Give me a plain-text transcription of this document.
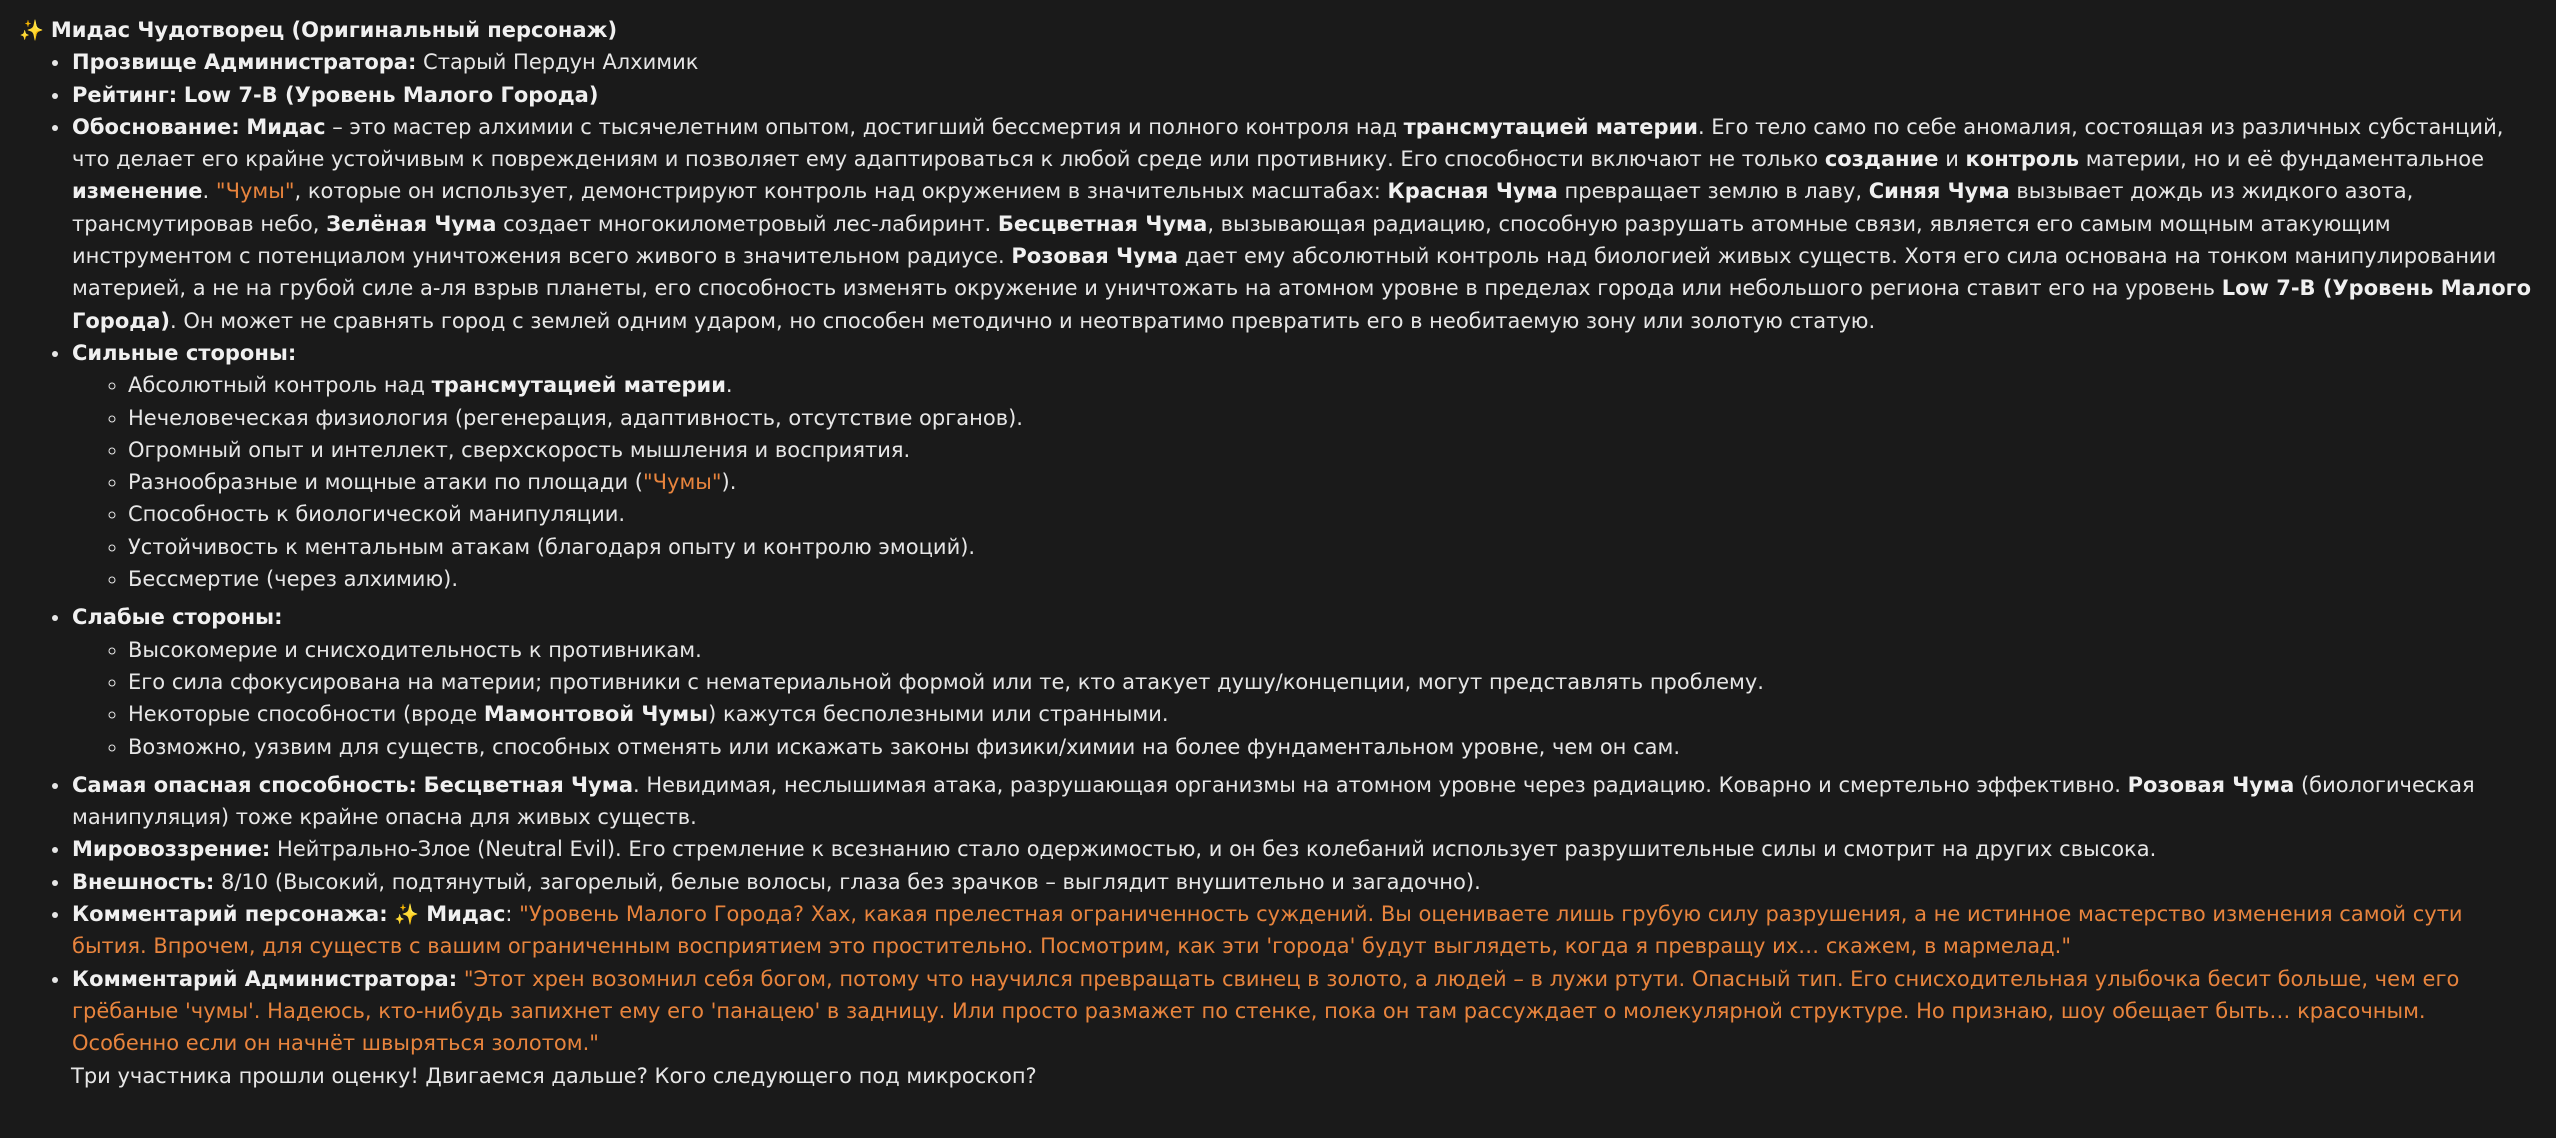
✨ Мидас Чудотворец (Оригинальный персонаж)
• Прозвище Администратора: Старый Пердун Алхимик
• Рейтинг: Low 7-B (Уровень Малого Города)
• Обоснование: Мидас – это мастер алхимии с тысячелетним опытом, достигший бессмертия и полного контроля над трансмутацией материи. Его тело само по себе аномалия, состоящая из различных субстанций, что делает его крайне устойчивым к повреждениям и позволяет ему адаптироваться к любой среде или противнику. Его способности включают не только создание и контроль материи, но и её фундаментальное изменение. "Чумы", которые он использует, демонстрируют контроль над окружением в значительных масштабах: Красная Чума превращает землю в лаву, Синяя Чума вызывает дождь из жидкого азота, трансмутировав небо, Зелёная Чума создает многокилометровый лес-лабиринт. Бесцветная Чума, вызывающая радиацию, способную разрушать атомные связи, является его самым мощным атакующим инструментом с потенциалом уничтожения всего живого в значительном радиусе. Розовая Чума дает ему абсолютный контроль над биологией живых существ. Хотя его сила основана на тонком манипулировании материей, а не на грубой силе а-ля взрыв планеты, его способность изменять окружение и уничтожать на атомном уровне в пределах города или небольшого региона ставит его на уровень Low 7-B (Уровень Малого Города). Он может не сравнять город с землей одним ударом, но способен методично и неотвратимо превратить его в необитаемую зону или золотую статую.
• Сильные стороны:
◦ Абсолютный контроль над трансмутацией материи.
◦ Нечеловеческая физиология (регенерация, адаптивность, отсутствие органов).
◦ Огромный опыт и интеллект, сверхскорость мышления и восприятия.
◦ Разнообразные и мощные атаки по площади ("Чумы").
◦ Способность к биологической манипуляции.
◦ Устойчивость к ментальным атакам (благодаря опыту и контролю эмоций).
◦ Бессмертие (через алхимию).
• Слабые стороны:
◦ Высокомерие и снисходительность к противникам.
◦ Его сила сфокусирована на материи; противники с нематериальной формой или те, кто атакует душу/концепции, могут представлять проблему.
◦ Некоторые способности (вроде Мамонтовой Чумы) кажутся бесполезными или странными.
◦ Возможно, уязвим для существ, способных отменять или искажать законы физики/химии на более фундаментальном уровне, чем он сам.
• Самая опасная способность: Бесцветная Чума. Невидимая, неслышимая атака, разрушающая организмы на атомном уровне через радиацию. Коварно и смертельно эффективно. Розовая Чума (биологическая манипуляция) тоже крайне опасна для живых существ.
• Мировоззрение: Нейтрально-Злое (Neutral Evil). Его стремление к всезнанию стало одержимостью, и он без колебаний использует разрушительные силы и смотрит на других свысока.
• Внешность: 8/10 (Высокий, подтянутый, загорелый, белые волосы, глаза без зрачков – выглядит внушительно и загадочно).
• Комментарий персонажа: ✨ Мидас: "Уровень Малого Города? Хах, какая прелестная ограниченность суждений. Вы оцениваете лишь грубую силу разрушения, а не истинное мастерство изменения самой сути бытия. Впрочем, для существ с вашим ограниченным восприятием это простительно. Посмотрим, как эти 'города' будут выглядеть, когда я превращу их… скажем, в мармелад."
• Комментарий Администратора: "Этот хрен возомнил себя богом, потому что научился превращать свинец в золото, а людей – в лужи ртути. Опасный тип. Его снисходительная улыбочка бесит больше, чем его грёбаные 'чумы'. Надеюсь, кто-нибудь запихнет ему его 'панацею' в задницу. Или просто размажет по стенке, пока он там рассуждает о молекулярной структуре. Но признаю, шоу обещает быть… красочным. Особенно если он начнёт швыряться золотом."
Три участника прошли оценку! Двигаемся дальше? Кого следующего под микроскоп?
